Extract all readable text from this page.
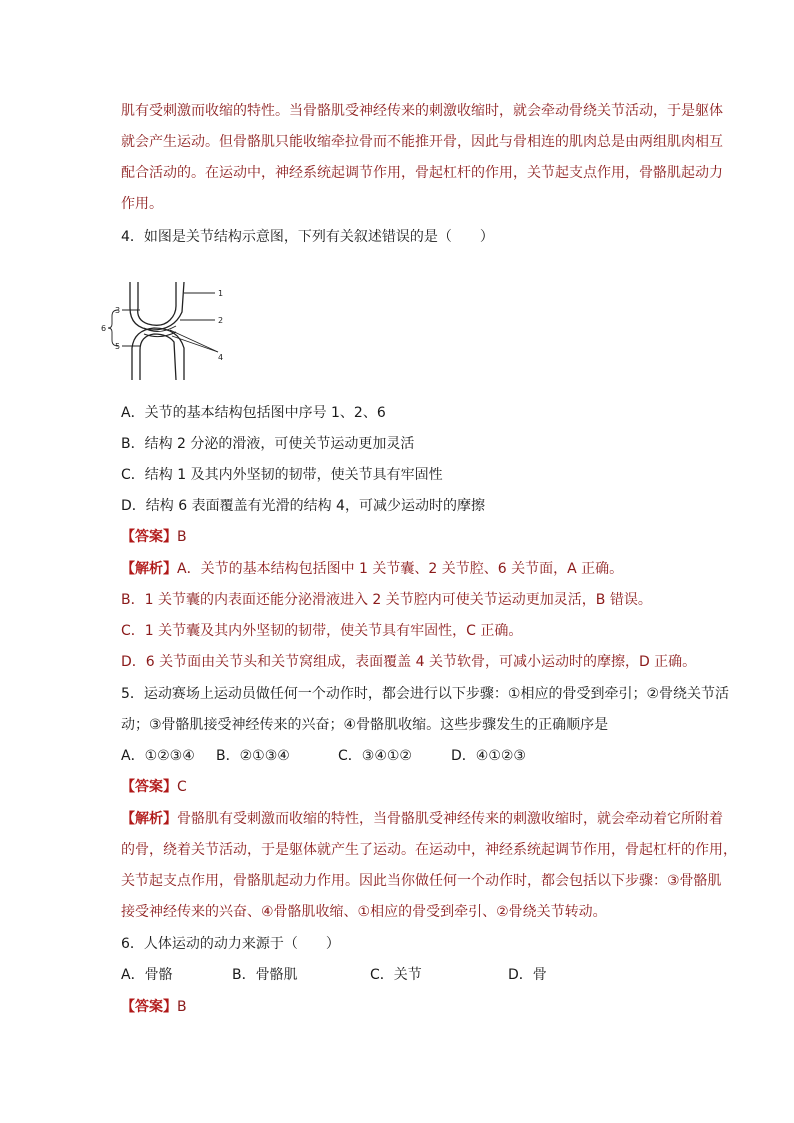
肌有受刺激而收缩的特性。当骨骼肌受神经传来的刺激收缩时，就会牵动骨绕关节活动，于是躯体
就会产生运动。但骨骼肌只能收缩牵拉骨而不能推开骨，因此与骨相连的肌肉总是由两组肌肉相互
配合活动的。在运动中，神经系统起调节作用，骨起杠杆的作用，关节起支点作用，骨骼肌起动力
作用。
4．如图是关节结构示意图，下列有关叙述错误的是（　　）
1
2
3
4
5
6
A．关节的基本结构包括图中序号 1、2、6
B．结构 2 分泌的滑液，可使关节运动更加灵活
C．结构 1 及其内外坚韧的韧带，使关节具有牢固性
D．结构 6 表面覆盖有光滑的结构 4，可减少运动时的摩擦
【答案】B
【解析】A．关节的基本结构包括图中 1 关节囊、2 关节腔、6 关节面，A 正确。
B．1 关节囊的内表面还能分泌滑液进入 2 关节腔内可使关节运动更加灵活，B 错误。
C．1 关节囊及其内外坚韧的韧带，使关节具有牢固性，C 正确。
D．6 关节面由关节头和关节窝组成，表面覆盖 4 关节软骨，可减小运动时的摩擦，D 正确。
5．运动赛场上运动员做任何一个动作时，都会进行以下步骤：①相应的骨受到牵引；②骨绕关节活
动；③骨骼肌接受神经传来的兴奋；④骨骼肌收缩。这些步骤发生的正确顺序是
A．①②③④ B．②①③④	C．③④①②	D．④①②③
【答案】C
【解析】骨骼肌有受刺激而收缩的特性，当骨骼肌受神经传来的刺激收缩时，就会牵动着它所附着
的骨，绕着关节活动，于是躯体就产生了运动。在运动中，神经系统起调节作用，骨起杠杆的作用，
关节起支点作用，骨骼肌起动力作用。因此当你做任何一个动作时，都会包括以下步骤：③骨骼肌
接受神经传来的兴奋、④骨骼肌收缩、①相应的骨受到牵引、②骨绕关节转动。
6．人体运动的动力来源于（　　）
A．骨骼	B．骨骼肌	C．关节	D．骨
【答案】B
